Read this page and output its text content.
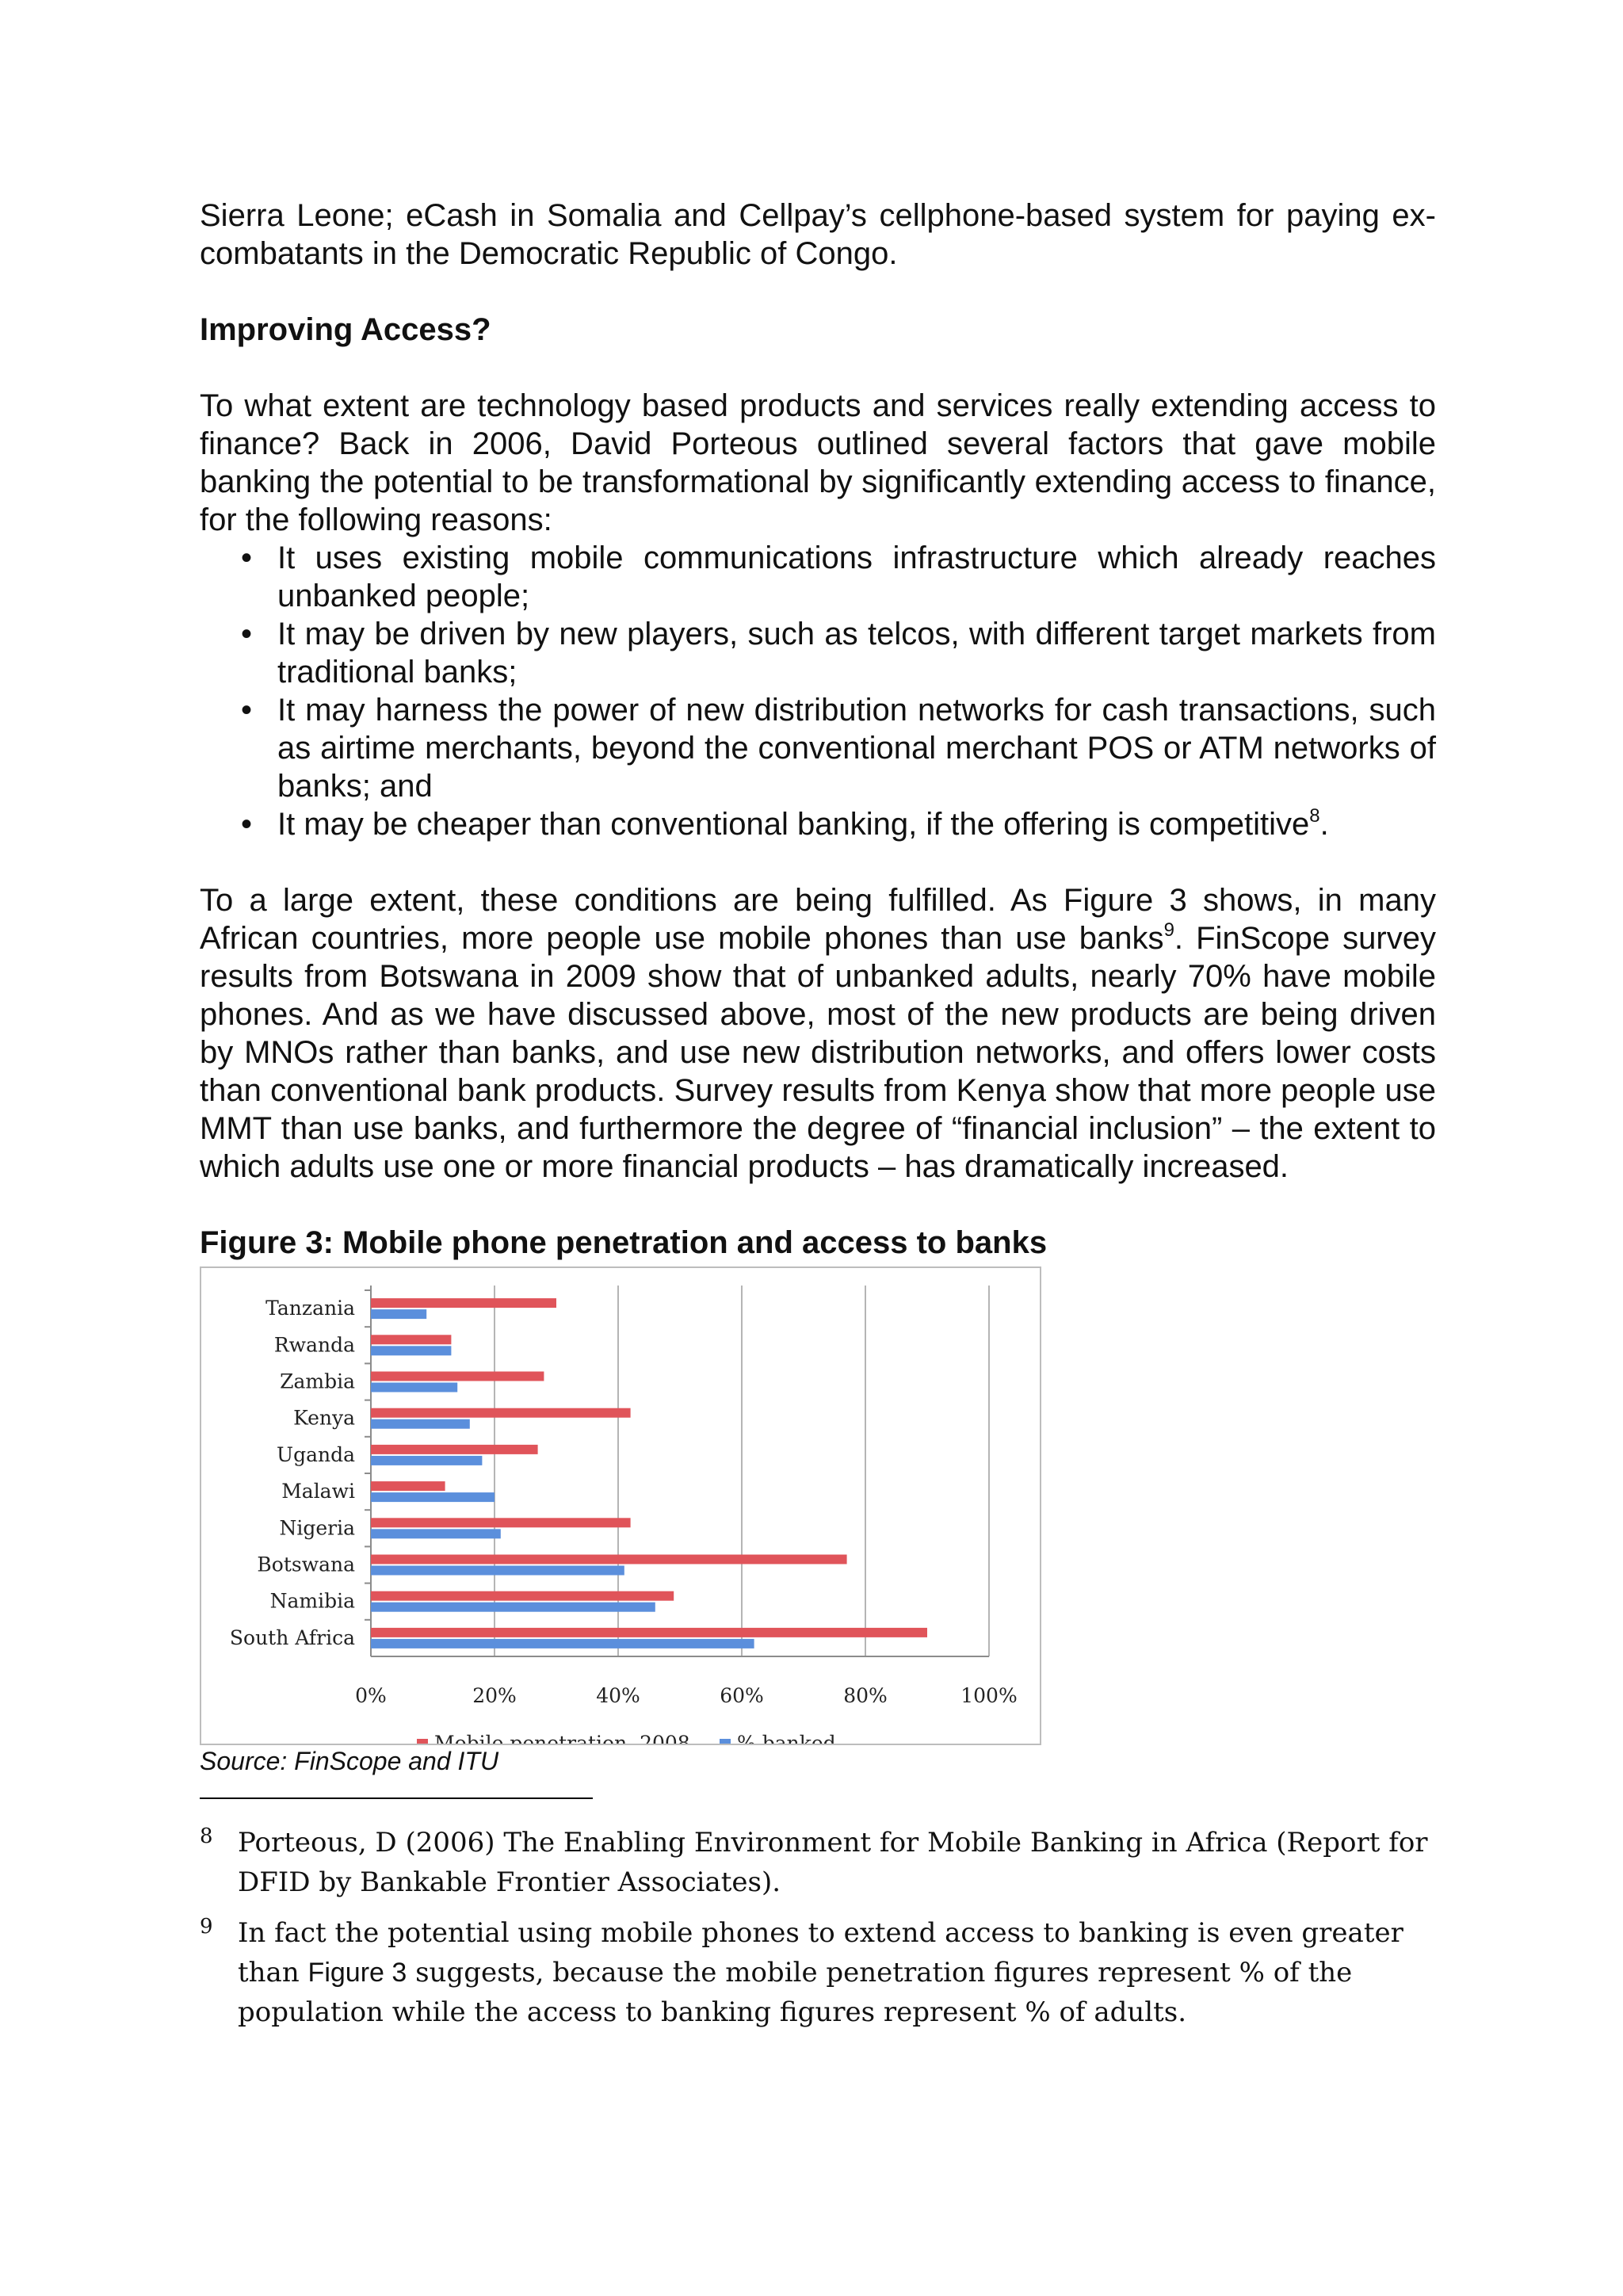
Sierra Leone; eCash in Somalia and Cellpay’s cellphone-based system for paying ex-combatants in the Democratic Republic of Congo.

Improving Access?

To what extent are technology based products and services really extending access to finance? Back in 2006, David Porteous outlined several factors that gave mobile banking the potential to be transformational by significantly extending access to finance, for the following reasons:

• It uses existing mobile communications infrastructure which already reaches unbanked people;
• It may be driven by new players, such as telcos, with different target markets from traditional banks;
• It may harness the power of new distribution networks for cash transactions, such as airtime merchants, beyond the conventional merchant POS or ATM networks of banks; and
• It may be cheaper than conventional banking, if the offering is competitive$^8$.

To a large extent, these conditions are being fulfilled. As Figure 3 shows, in many African countries, more people use mobile phones than use banks$^9$. FinScope survey results from Botswana in 2009 show that of unbanked adults, nearly 70% have mobile phones. And as we have discussed above, most of the new products are being driven by MNOs rather than banks, and use new distribution networks, and offers lower costs than conventional bank products. Survey results from Kenya show that more people use MMT than use banks, and furthermore the degree of “financial inclusion” – the extent to which adults use one or more financial products – has dramatically increased.

Figure 3: Mobile phone penetration and access to banks

0%	20%	40%	60%	80%	100%
Tanzania
Rwanda
Zambia
Kenya
Uganda
Malawi
Nigeria
Botswana
Namibia
South Africa
Mobile penetration, 2008 % banked

Source: FinScope and ITU

8 Porteous, D (2006) The Enabling Environment for Mobile Banking in Africa (Report for DFID by Bankable Frontier Associates).
9 In fact the potential using mobile phones to extend access to banking is even greater than Figure 3 suggests, because the mobile penetration figures represent % of the population while the access to banking figures represent % of adults.
